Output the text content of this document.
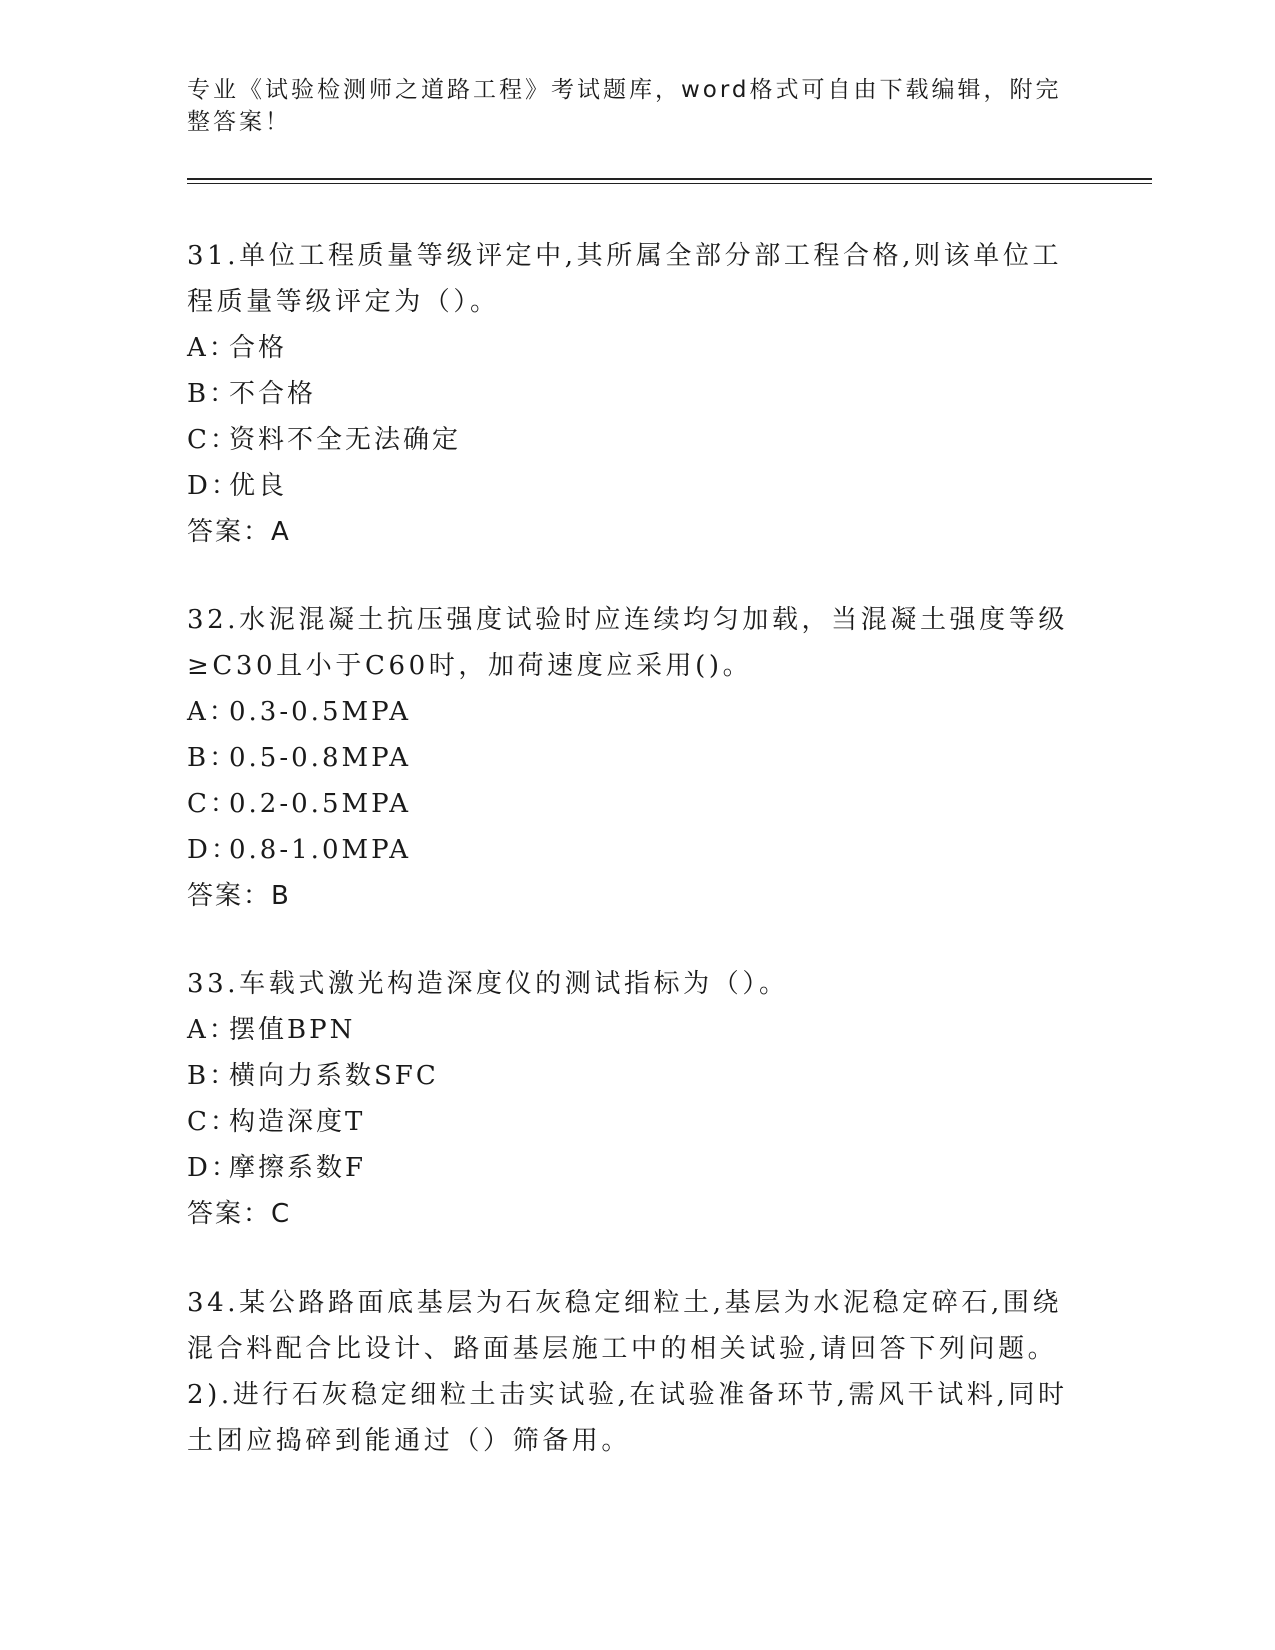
专业《试验检测师之道路工程》考试题库，word格式可自由下载编辑，附完整答案！

31.单位工程质量等级评定中,其所属全部分部工程合格,则该单位工程质量等级评定为（）。

A：合格

B：不合格

C：资料不全无法确定

D：优良

答案：A

32.水泥混凝土抗压强度试验时应连续均匀加载，当混凝土强度等级≥C30且小于C60时，加荷速度应采用()。

A：0.3-0.5MPA

B：0.5-0.8MPA

C：0.2-0.5MPA

D：0.8-1.0MPA

答案：B

33.车载式激光构造深度仪的测试指标为（）。

A：摆值BPN

B：横向力系数SFC

C：构造深度T

D：摩擦系数F

答案：C

34.某公路路面底基层为石灰稳定细粒土,基层为水泥稳定碎石,围绕混合料配合比设计、路面基层施工中的相关试验,请回答下列问题。2).进行石灰稳定细粒土击实试验,在试验准备环节,需风干试料,同时土团应捣碎到能通过（）筛备用。
